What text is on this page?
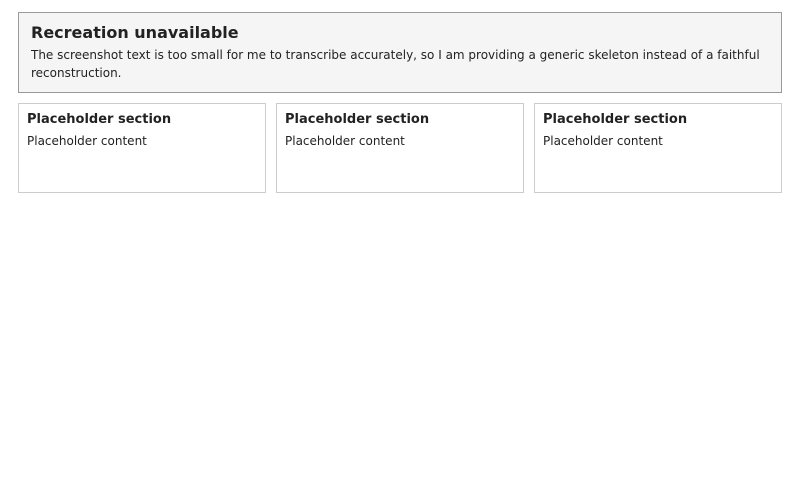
Recreation unavailable
The screenshot text is too small for me to transcribe accurately, so I am providing a generic skeleton instead of a faithful reconstruction.
Placeholder section
Placeholder content
Placeholder section
Placeholder content
Placeholder section
Placeholder content
